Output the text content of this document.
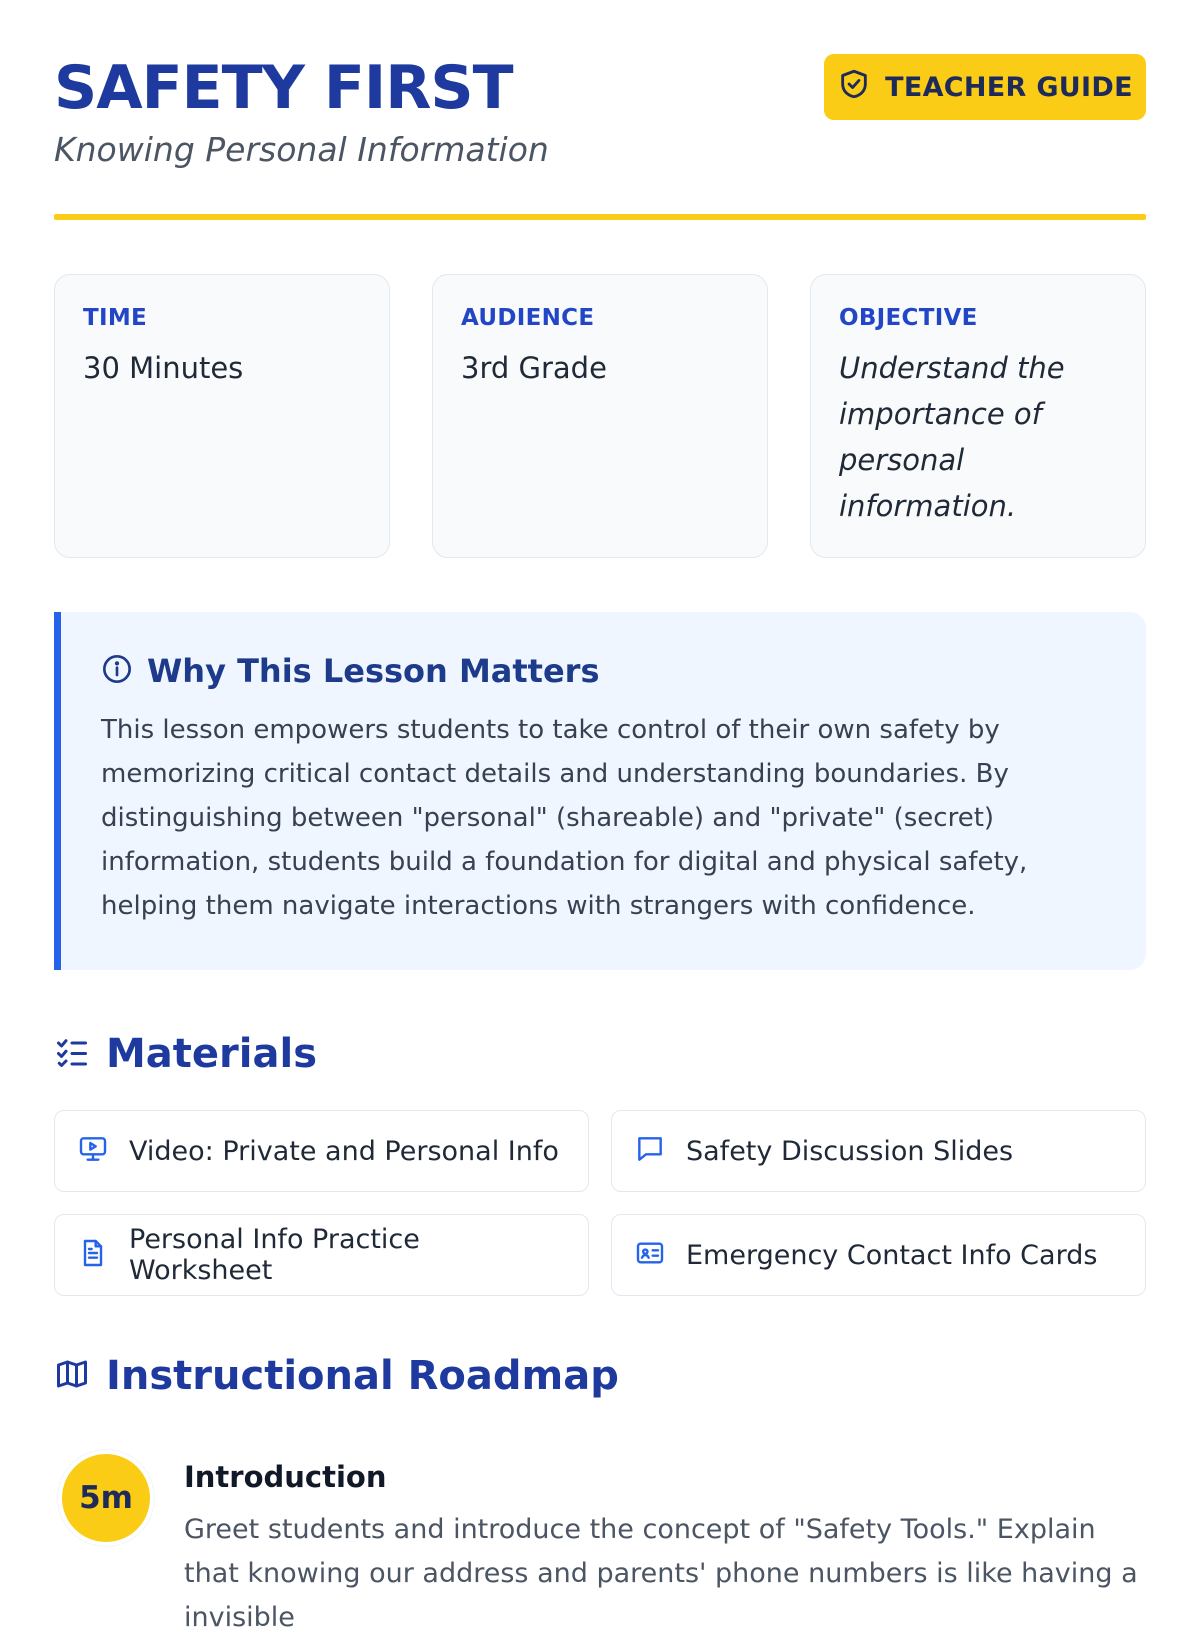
SAFETY FIRST
Knowing Personal Information
TEACHER GUIDE
TIME
30 Minutes
AUDIENCE
3rd Grade
OBJECTIVE
Understand the importance of personal information.
Why This Lesson Matters

This lesson empowers students to take control of their own safety by memorizing critical contact details and understanding boundaries. By distinguishing between "personal" (shareable) and "private" (secret) information, students build a foundation for digital and physical safety, helping them navigate interactions with strangers with confidence.

Materials
Video: Private and Personal Info	Safety Discussion Slides
Personal Info Practice Worksheet	Emergency Contact Info Cards
Instructional Roadmap
5m
Introduction

Greet students and introduce the concept of "Safety Tools." Explain that knowing our address and parents' phone numbers is like having a invisible
